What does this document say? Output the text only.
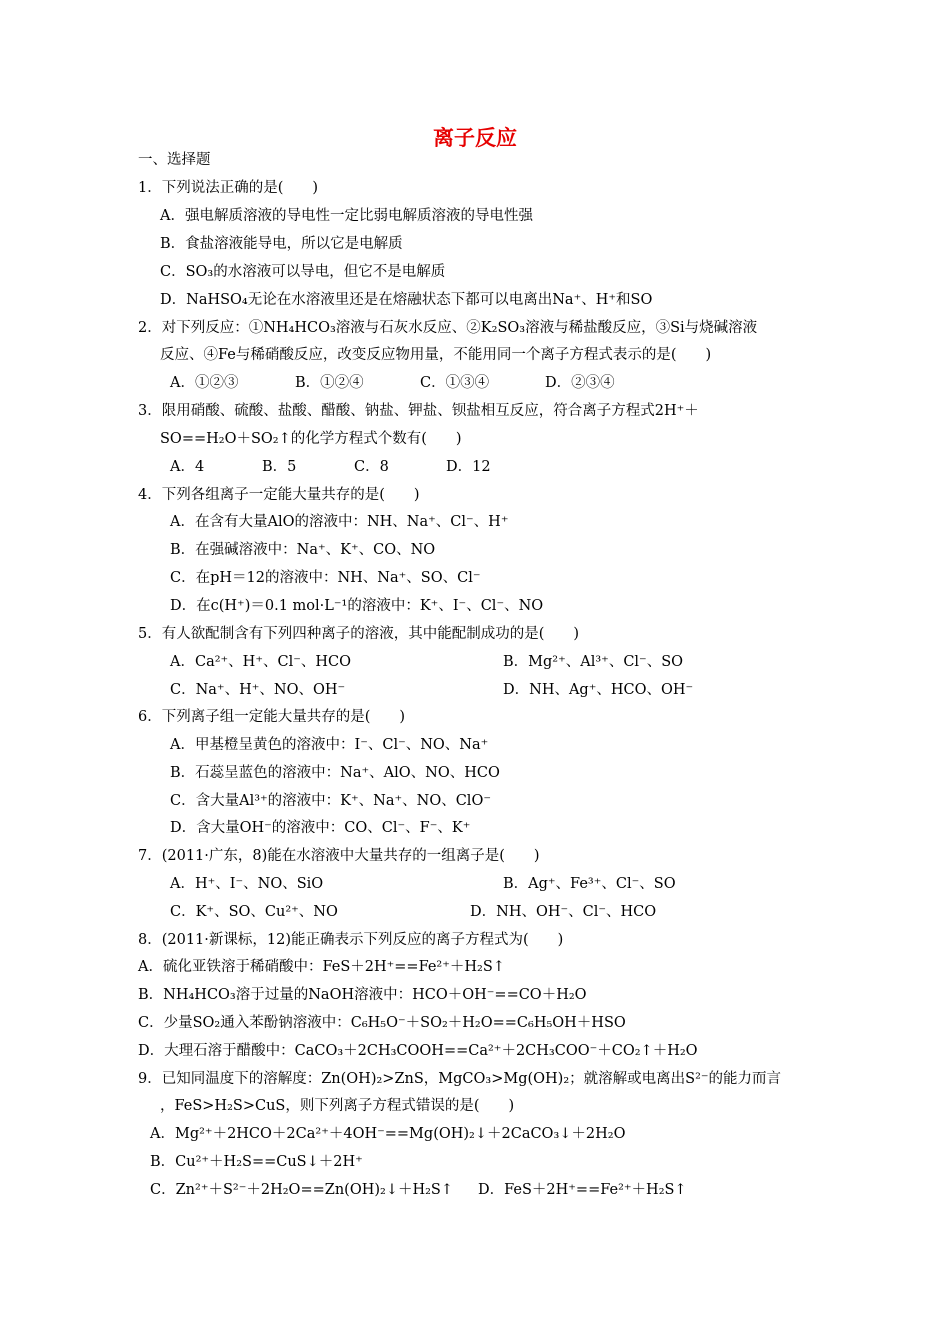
离子反应
一、选择题
1．下列说法正确的是(　　)
A．强电解质溶液的导电性一定比弱电解质溶液的导电性强
B．食盐溶液能导电，所以它是电解质
C．SO₃的水溶液可以导电，但它不是电解质
D．NaHSO₄无论在水溶液里还是在熔融状态下都可以电离出Na⁺、H⁺和SO
2．对下列反应：①NH₄HCO₃溶液与石灰水反应、②K₂SO₃溶液与稀盐酸反应，③Si与烧碱溶液
反应、④Fe与稀硝酸反应，改变反应物用量，不能用同一个离子方程式表示的是(　　)
A．①②③	B．①②④	C．①③④	D．②③④
3．限用硝酸、硫酸、盐酸、醋酸、钠盐、钾盐、钡盐相互反应，符合离子方程式2H⁺＋
SO==H₂O＋SO₂↑的化学方程式个数有(　　)
A．4	B．5	C．8	D．12
4．下列各组离子一定能大量共存的是(　　)
A．在含有大量AlO的溶液中：NH、Na⁺、Cl⁻、H⁺
B．在强碱溶液中：Na⁺、K⁺、CO、NO
C．在pH＝12的溶液中：NH、Na⁺、SO、Cl⁻
D．在c(H⁺)＝0.1 mol·L⁻¹的溶液中：K⁺、I⁻、Cl⁻、NO
5．有人欲配制含有下列四种离子的溶液，其中能配制成功的是(　　)
A．Ca²⁺、H⁺、Cl⁻、HCO	B．Mg²⁺、Al³⁺、Cl⁻、SO
C．Na⁺、H⁺、NO、OH⁻	D．NH、Ag⁺、HCO、OH⁻
6．下列离子组一定能大量共存的是(　　)
A．甲基橙呈黄色的溶液中：I⁻、Cl⁻、NO、Na⁺
B．石蕊呈蓝色的溶液中：Na⁺、AlO、NO、HCO
C．含大量Al³⁺的溶液中：K⁺、Na⁺、NO、ClO⁻
D．含大量OH⁻的溶液中：CO、Cl⁻、F⁻、K⁺
7．(2011·广东，8)能在水溶液中大量共存的一组离子是(　　)
A．H⁺、I⁻、NO、SiO	B．Ag⁺、Fe³⁺、Cl⁻、SO
C．K⁺、SO、Cu²⁺、NO	D．NH、OH⁻、Cl⁻、HCO
8．(2011·新课标，12)能正确表示下列反应的离子方程式为(　　)
A．硫化亚铁溶于稀硝酸中：FeS＋2H⁺==Fe²⁺＋H₂S↑
B．NH₄HCO₃溶于过量的NaOH溶液中：HCO＋OH⁻==CO＋H₂O
C．少量SO₂通入苯酚钠溶液中：C₆H₅O⁻＋SO₂＋H₂O==C₆H₅OH＋HSO
D．大理石溶于醋酸中：CaCO₃＋2CH₃COOH==Ca²⁺＋2CH₃COO⁻＋CO₂↑＋H₂O
9．已知同温度下的溶解度：Zn(OH)₂>ZnS，MgCO₃>Mg(OH)₂；就溶解或电离出S²⁻的能力而言
，FeS>H₂S>CuS，则下列离子方程式错误的是(　　)
A．Mg²⁺＋2HCO＋2Ca²⁺＋4OH⁻==Mg(OH)₂↓＋2CaCO₃↓＋2H₂O
B．Cu²⁺＋H₂S==CuS↓＋2H⁺
C．Zn²⁺＋S²⁻＋2H₂O==Zn(OH)₂↓＋H₂S↑ D．FeS＋2H⁺==Fe²⁺＋H₂S↑
